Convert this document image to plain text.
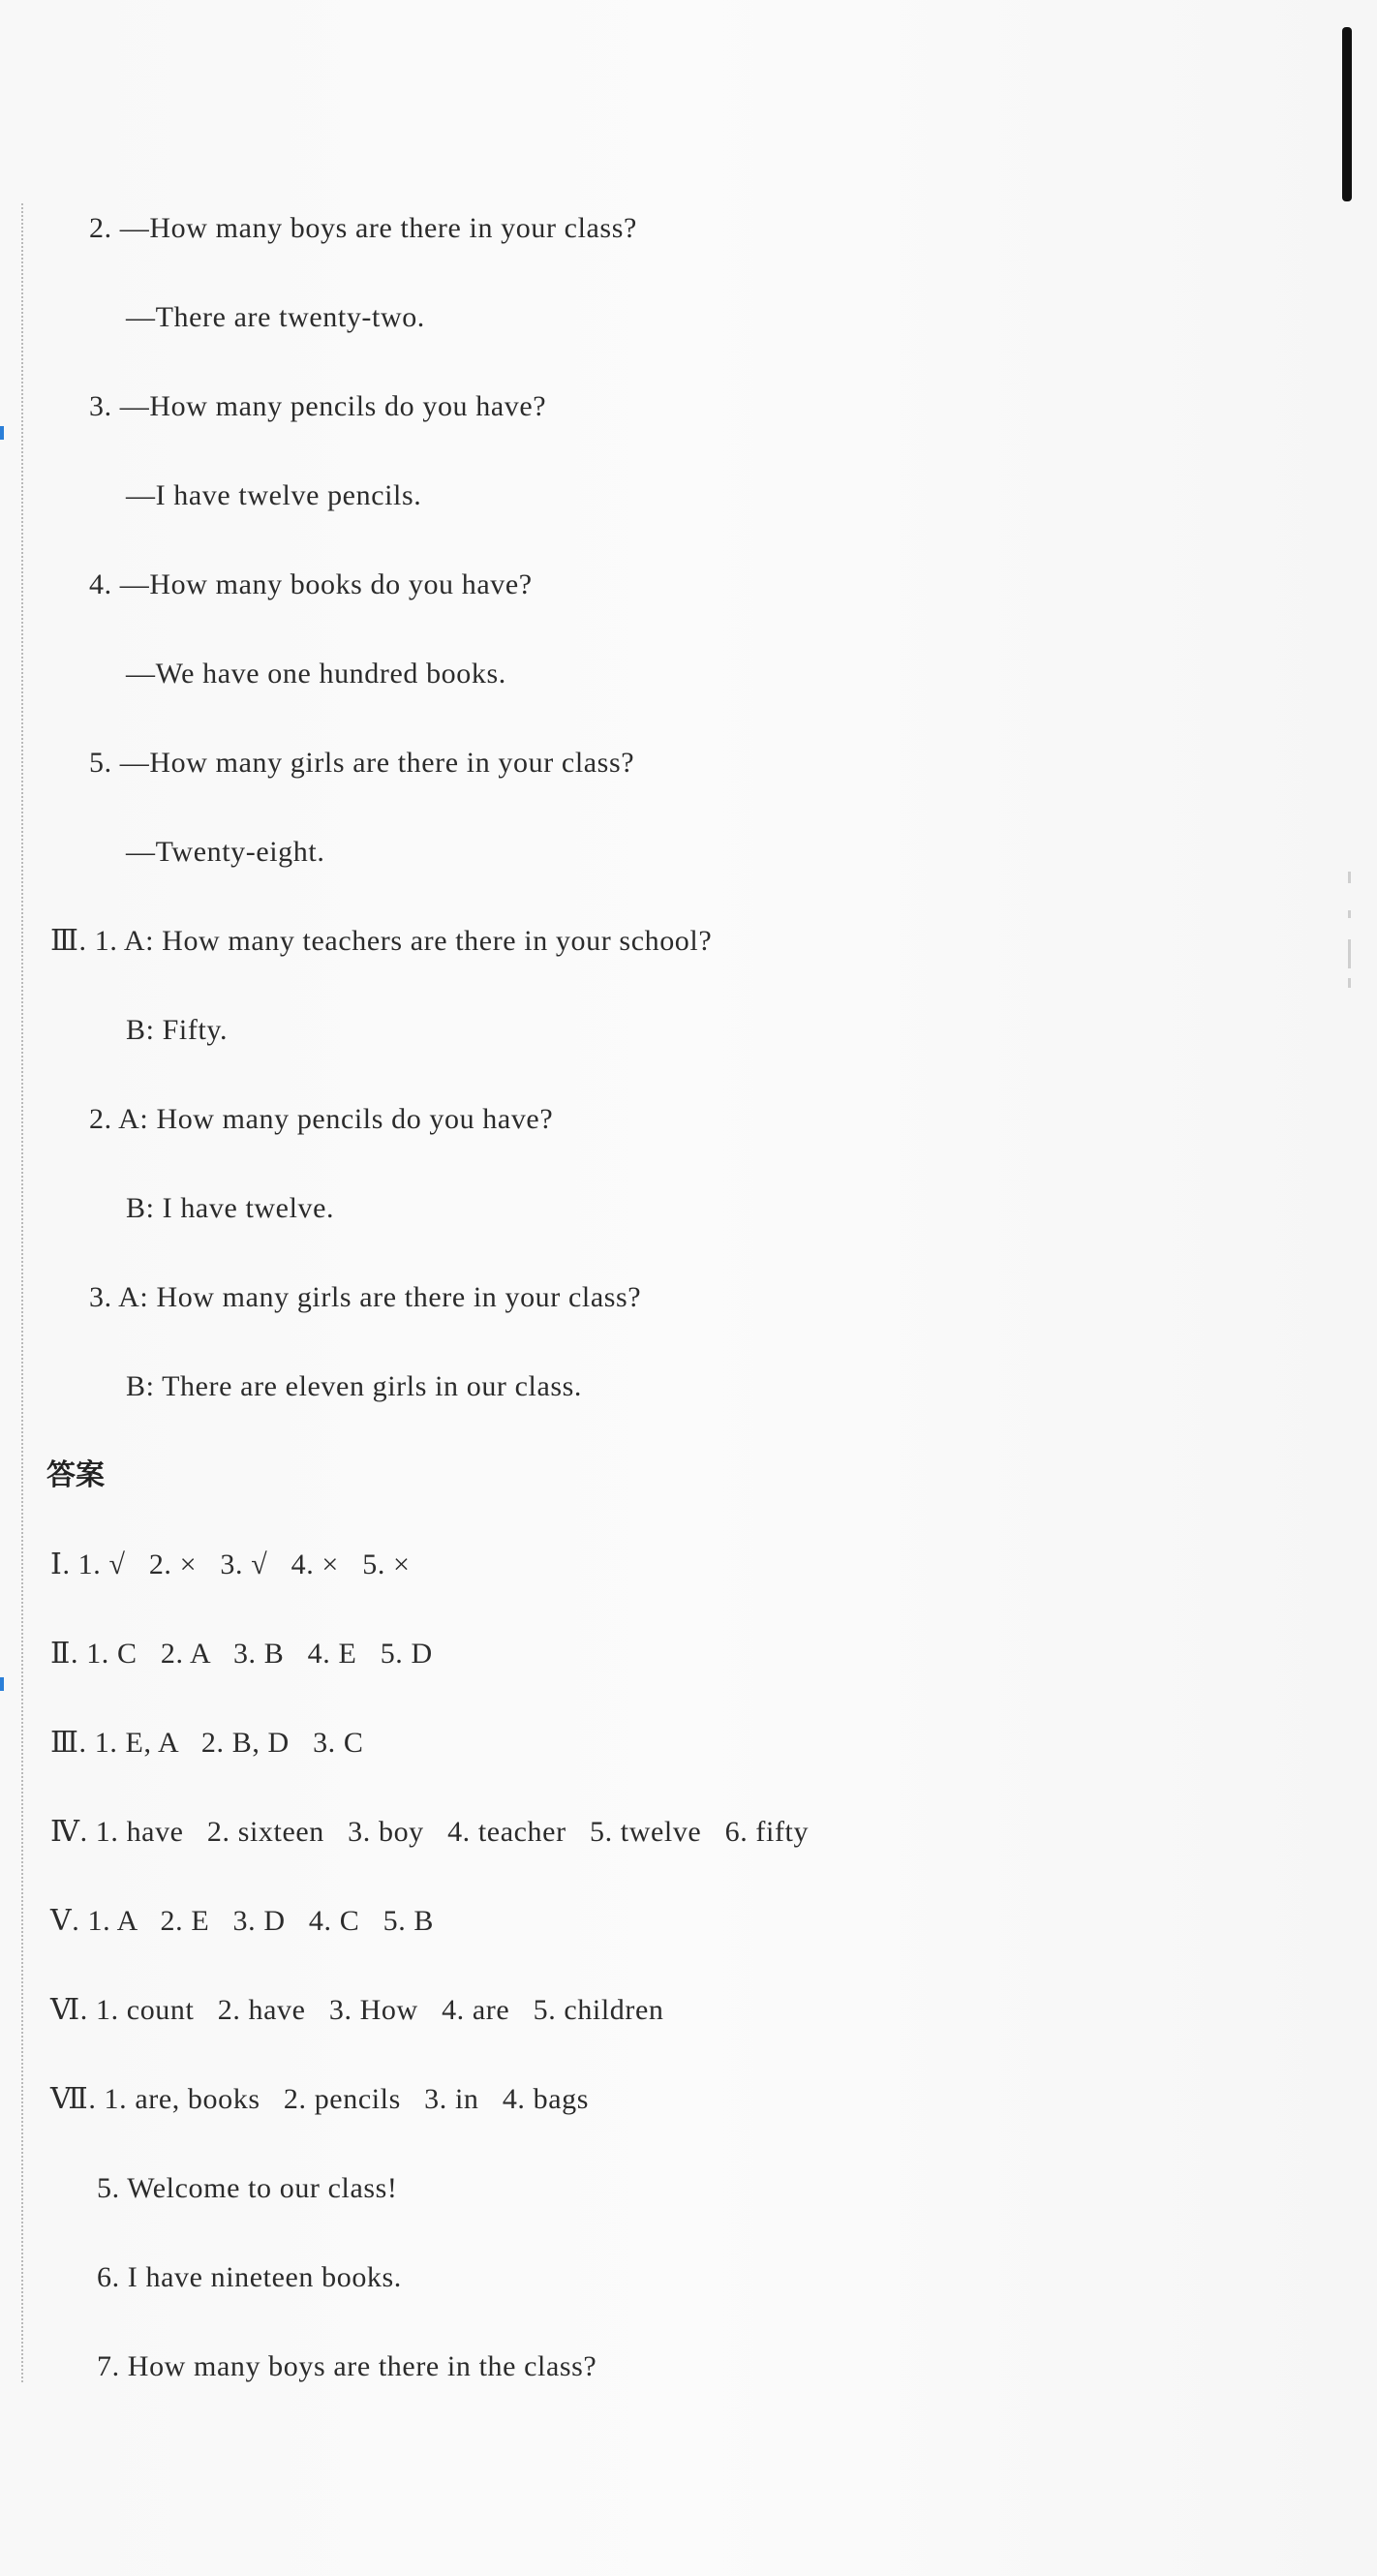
2. —How many boys are there in your class?
—There are twenty-two.
3. —How many pencils do you have?
—I have twelve pencils.
4. —How many books do you have?
—We have one hundred books.
5. —How many girls are there in your class?
—Twenty-eight.
Ⅲ. 1. A: How many teachers are there in your school?
B: Fifty.
2. A: How many pencils do you have?
B: I have twelve.
3. A: How many girls are there in your class?
B: There are eleven girls in our class.
答案
Ⅰ. 1. √   2. ×   3. √   4. ×   5. ×
Ⅱ. 1. C   2. A   3. B   4. E   5. D
Ⅲ. 1. E, A   2. B, D   3. C
Ⅳ. 1. have   2. sixteen   3. boy   4. teacher   5. twelve   6. fifty
Ⅴ. 1. A   2. E   3. D   4. C   5. B
Ⅵ. 1. count   2. have   3. How   4. are   5. children
Ⅶ. 1. are, books   2. pencils   3. in   4. bags
5. Welcome to our class!
6. I have nineteen books.
7. How many boys are there in the class?
